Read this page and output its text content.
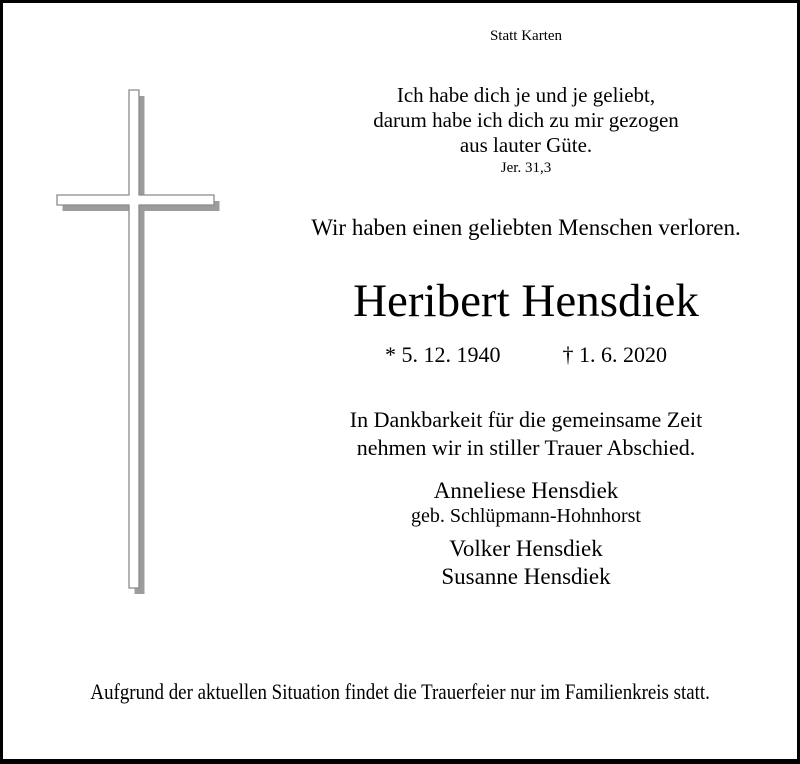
Statt Karten
Ich habe dich je und je geliebt,
darum habe ich dich zu mir gezogen
aus lauter Güte.
Jer. 31,3
Wir haben einen geliebten Menschen verloren.
Heribert Hensdiek
* 5. 12. 1940	† 1. 6. 2020
In Dankbarkeit für die gemeinsame Zeit
nehmen wir in stiller Trauer Abschied.
Anneliese Hensdiek
geb. Schlüpmann-Hohnhorst
Volker Hensdiek
Susanne Hensdiek
Aufgrund der aktuellen Situation findet die Trauerfeier nur im Familienkreis statt.
